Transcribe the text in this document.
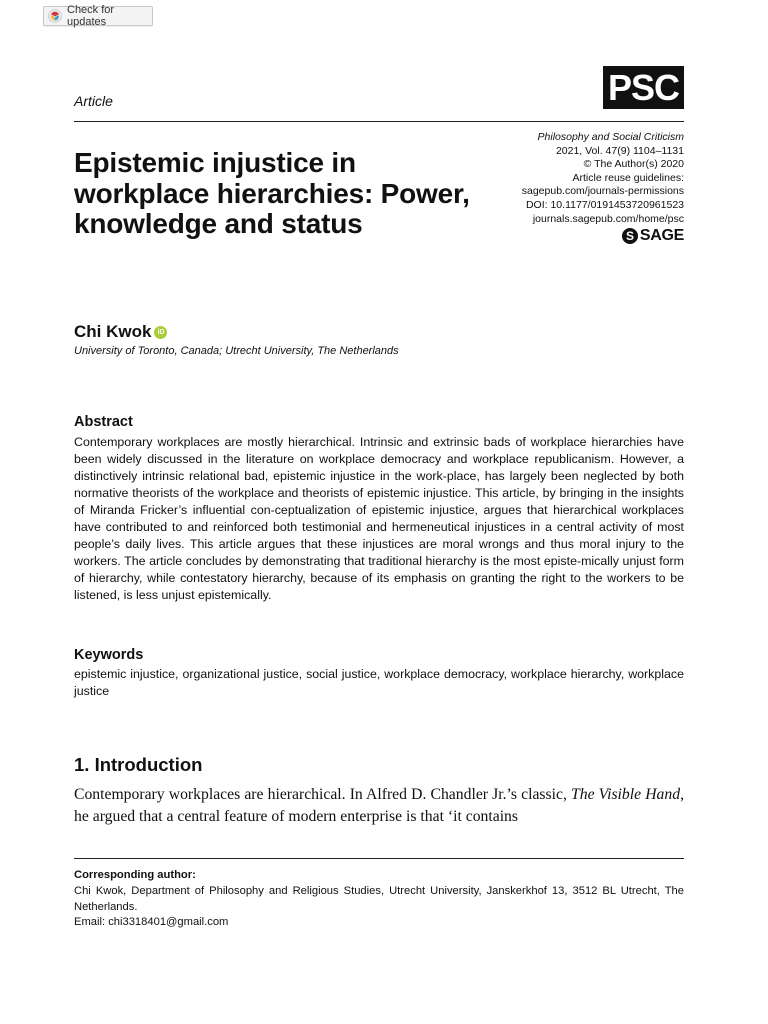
Check for updates
PSC
Article
Philosophy and Social Criticism
2021, Vol. 47(9) 1104–1131
© The Author(s) 2020
Article reuse guidelines:
sagepub.com/journals-permissions
DOI: 10.1177/0191453720961523
journals.sagepub.com/home/psc
S SAGE
Epistemic injustice in workplace hierarchies: Power, knowledge and status
Chi Kwok iD
University of Toronto, Canada; Utrecht University, The Netherlands
Abstract

Contemporary workplaces are mostly hierarchical. Intrinsic and extrinsic bads of workplace hierarchies have been widely discussed in the literature on workplace democracy and workplace republicanism. However, a distinctively intrinsic relational bad, epistemic injustice in the work-place, has largely been neglected by both normative theorists of the workplace and theorists of epistemic injustice. This article, by bringing in the insights of Miranda Fricker’s influential con-ceptualization of epistemic injustice, argues that hierarchical workplaces have contributed to and reinforced both testimonial and hermeneutical injustices in a central activity of most people’s daily lives. This article argues that these injustices are moral wrongs and thus moral injury to the workers. The article concludes by demonstrating that traditional hierarchy is the most episte-mically unjust form of hierarchy, while contestatory hierarchy, because of its emphasis on granting the right to the workers to be listened, is less unjust epistemically.

Keywords

epistemic injustice, organizational justice, social justice, workplace democracy, workplace hierarchy, workplace justice

1. Introduction

Contemporary workplaces are hierarchical. In Alfred D. Chandler Jr.’s classic, The Visible Hand, he argued that a central feature of modern enterprise is that ‘it contains

Corresponding author:

Chi Kwok, Department of Philosophy and Religious Studies, Utrecht University, Janskerkhof 13, 3512 BL Utrecht, The Netherlands.

Email: chi3318401@gmail.com
